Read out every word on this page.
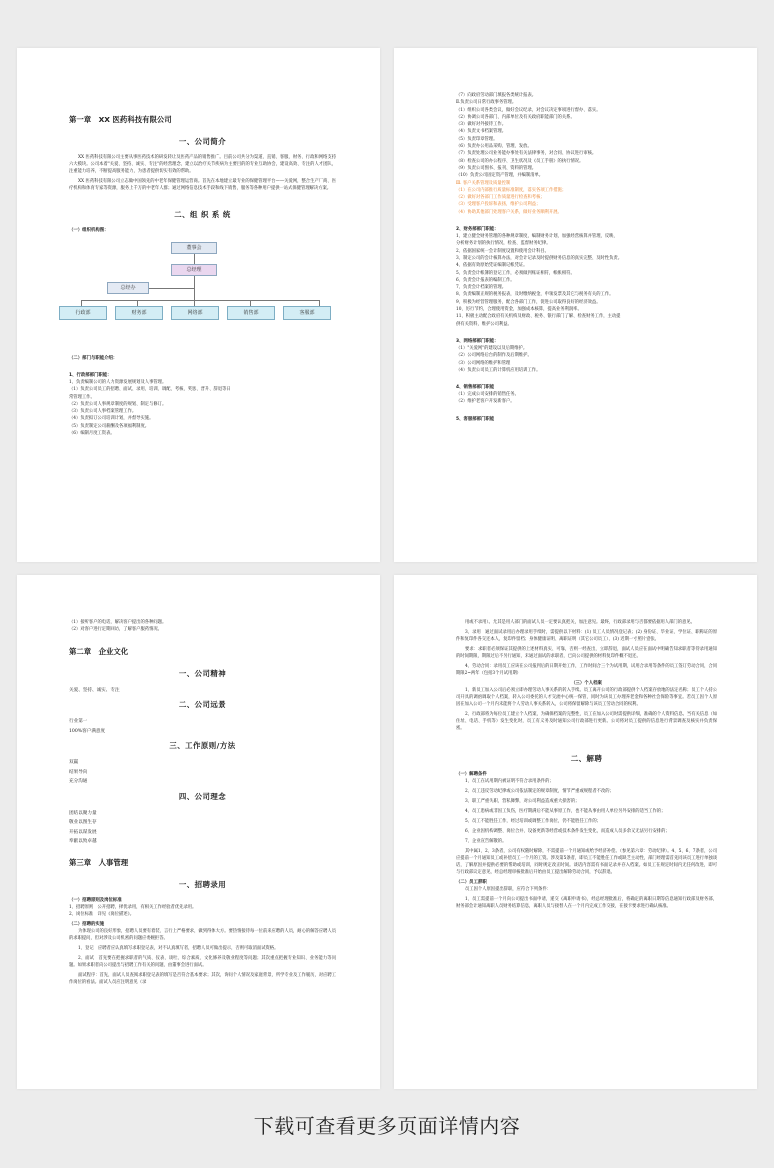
第一章　XX 医药科技有限公司
一、公司简介
XX 医药科技有限公司主要从事医药技术的研发转让及医药产品的销售推广。目前公司共分为渠道、直销、客服、财务、行政和网络支持六大模块。公司本着"关爱、坚持、诚实、专注"的经营理念，建立以治疗关节疾病为主要目的的专业互助协会，建设高效、专注的人才团队，注重能力培养，不断提高服务能力，为患者提供切实有效的帮助。
XX 医药科技有限公司立志做中国领先的中老年保健管理运营商。首先在本地建立最专业的保健管理平台——关爱网，整合生产厂商、医疗机构和体育专家等资源，服务上千万的中老年人群；通过网络信息技术手段和线下销售，服务等各种用户提供一站式保健管理解决方案。
二、组 织 系 统
（一）组织机构图：
董事会
总经理
总经办
行政部	财务部	网络部	销售部	客服部
（二）部门与职能介绍：
1、行政部部门职能：
1、负责编制公司的人力资源发展规划及人事管理。
（1）负责公司员工的招聘、面试、录用、培训、调配、考核、奖惩、晋升、辞退等日
常管理工作。
（2）负责公司人事规章制度的规划、制定与修订。
（3）负责公司人事档案管理工作。
（4）负责拟订公司培训计划，并督导实施。
（5）负责制定公司薪酬及各项福利制度。
（6）编制月度工资表。
（7）向政府劳动部门填报各类统计报表。
Ⅱ.负责公司日常行政事务管理。
（1）组织公司各类会议，做好会议纪录，对会议决定事项进行督办、落实。
（2）协调公司各部门、内部单位及有关政府职能部门的关系。
（3）做好对外接待工作。
（4）负责文书档案管理。
（5）负责印章管理。
（6）负责办公用品采购、管理、发放。
（7）负责处理公司业务能办事处有关法律事务，对合同、协议进行审核。
（8）检查公司的办公程序、卫生状况及《员工手册》的执行情况。
（9）负责公司图书、报刊、资料的管理。
（10）负责公司固定资产管理，并编制清单。
Ⅲ. 客户关系管理及质量控制
（1）在公司内部推行质量标准制度，落实各项工作措施；
（2）做好对各部门工作质量进行检查和考核；
（3）受理客户投诉和表扬，维护公司利益；
（4）协助其他部门处理客户关系，做好业务顺利开展。
2、财务部部门职能：
1、建立健全财务管理的各种规章制度，编制财务计划，加强经营核算并管理，反映、
分析财务计划的执行情况，检查、监督财务纪律。
2、依据国家统一会计制度设置和使用会计科目。
3、制定公司的会计核算办法，对会计记录及时提供财务信息的真实完整、及时性负责。
4、依据有效原始凭证编制记帐凭证。
5、负责会计帐簿的登记工作，必须做到账证相符，帐帐相符。
6、负责会计报表的编制工作。
7、负责会计档案的管理。
8、负责编制正规的税务报表，及时缴纳税金，申领发票及其它与税务有关的工作。
9、积极为经营管理服务，配合各部门工作，促进公司取得良好的经济效益。
10、厉行节约，合理使用资金，加强成本核算，提高业务利润率。
11、积极主动配合政府有关机构及财政、税务、银行部门了解、检查财务工作，主动提
供有关资料，维护公司利益。
3、网络部部门职能：
（1）"关爱网"的建设以及后期维护。
（2）公司网络后台的制作及后期维护。
（3）公司网络的维护和管理
（4）负责公司员工的计算机应用培训工作。
4、销售部部门职能
（1）完成公司安排的销售任务。
（2）维护老客户开发新客户。
5、客服部部门职能
（1）接听客户的电话，解决客户提出的各种问题。
（2）对客户进行定期回访，了解客户服药情况。
第二章　企业文化
一、公司精神
关爱、坚持、诚实、专注
二、公司远景
行业第一
100%客户满意度
三、工作原则/方法
双赢
结果导向
充分沟通
四、公司理念
团结以聚力量
敬业以图生存
开拓以谋发展
奉献以致卓越
第三章　人事管理
一、招聘录用
（一）招聘原则及岗位标准
1、招聘原则　公开招聘，择优录用，有相关工作经验者优先录用。
2、岗位标准　详见《岗位描述》。
（二）招聘的实施
为体现公司的良好形象，招聘人员要有着装、言行上严格要求，做到得体大方。要热情接待每一位前来应聘的人员，耐心的解答应聘人员的求职提问，但对涉及公司机密的问题应委婉拒答。
1、登记　应聘者应认真填写求职登记表，对不认真填写者，招聘人员可做出提示，否则可取消面试资格。
2、面试　首先要在把握求职者的气质、仪表、谈吐、综合素质、文化修养及敬业程度等问题；其次重点把握专业知识、业务能力等问题。如果求职者向公司提出与招聘工作有关的问题，由董事会进行面试。
面试程序：首先，面试人员查阅求职登记表的填写是否符合基本要求；其次，询问个人情况及家庭背景，所学专业及工作履历，对应聘工作岗位的看法。面试人员应注明意见（录
用或不录用）。尤其是用人部门的面试人员一定要认真把关，加注意见。最终，行政部录用与否都要依据用人部门的意见。
3、录用　通过面试录用后办理录用手续时，需提供以下材料：(1) 员工人员情况登记表；(2) 身份证、毕业证、学位证、职称证的原件和复印件各交还本人，复印件留档；身体健康证明、离职证明（其它公司员工）、(3) 近期一寸照片壹张。
要求：求职者必须保证其提供的上述材料真实、可靠，否则一经查出，立即辞退，面试人员应在面试中明确告知求职者等待录用通知的时间期限，期限过后不另行通知，未通过面试的求职者，已向公司提供的材料复印件概不退还。
4、劳动合同：录用员工应该在公司报到后的日期开始工作，工作时间合三个为试用期，试用合录用等条件的员工签订劳动合同，合同期限2~两年（包括3个月试用期）
（三）个人档案
1、新员工加入公司后必须立即办理劳动人事关系的转入手续。员工离开公司的行政部提供个人档案存放地的法定名称；员工个人持公司开具的调函调取个人档案，转入公司委托的人才交流中心统一保管，同时为该员工办理养老金和各种社会保险等事宜。若员工因个人原因在加入公司一个月内未能将个人劳动人事关系转入，公司将保留解除与该员工劳动合同的权利。
2、行政部将为每位员工建立个人档案，为确保档案的完整性，员工在加入公司时需提供详细，准确的个人资料信息。当有关信息（如住址、电话、手机等）发生变化时，员工有义务及时通知公司行政部进行更新。公司将对员工提供的信息进行背景调查及核实并负责保密。
二、解聘
（一）解聘条件
1、员工在试用期内被证明不符合录用条件的；
2、员工违反劳动纪律或公司依法制定的规章制度，情节严重或规程者不改的；
3、职工严重失职，营私舞弊，对公司利益造成重大损害的；
4、员工患病或非因工负伤，医疗期满后不能从事原工作，也不能从事由用人单位另外安排的适当工作的；
5、员工不能胜任工作，经过培训或调整工作岗位，仍不能胜任工作的；
6、企业因机构调整、岗位合并、设备更新等经营或技术条件发生变化，而造成人员多余又无法另行安排的；
7、企业宣告解散的。
其中属1、2、3条者，公司有权随时解除，不需提前一个月通知或给予经济补偿。（参见第六章：劳动纪律）。4、5、6、7条者，公司应提前一个月通知员工或补偿员工一个月的工资。涉及第5条者，即员工不能胜任工作或缺乏主动性，部门经理需首先同该员工进行单独谈话，了解原因并提供必要的帮助或培训，同时规定改正时间。谈话内容需有书面记录并存入档案。如员工在规定时间内无任何改进，即可与行政部议定意见，经总经理审核批准后开始由员工提出解除劳动合同，予以辞退。
（二）员工辞职
员工因个人原因提出辞职，应符合下列条件：
1、员工需提前一个月向公司提出书面申请，递交《离职申请书》，经总经理批准后，将确定的离职日期等信息通知行政部及财务部，财务部会计通知离职人员财务结算信息，离职人员与接替人在一个月内完成工作交接，在接卡要求进行确认核准。
下载可查看更多页面详情内容
